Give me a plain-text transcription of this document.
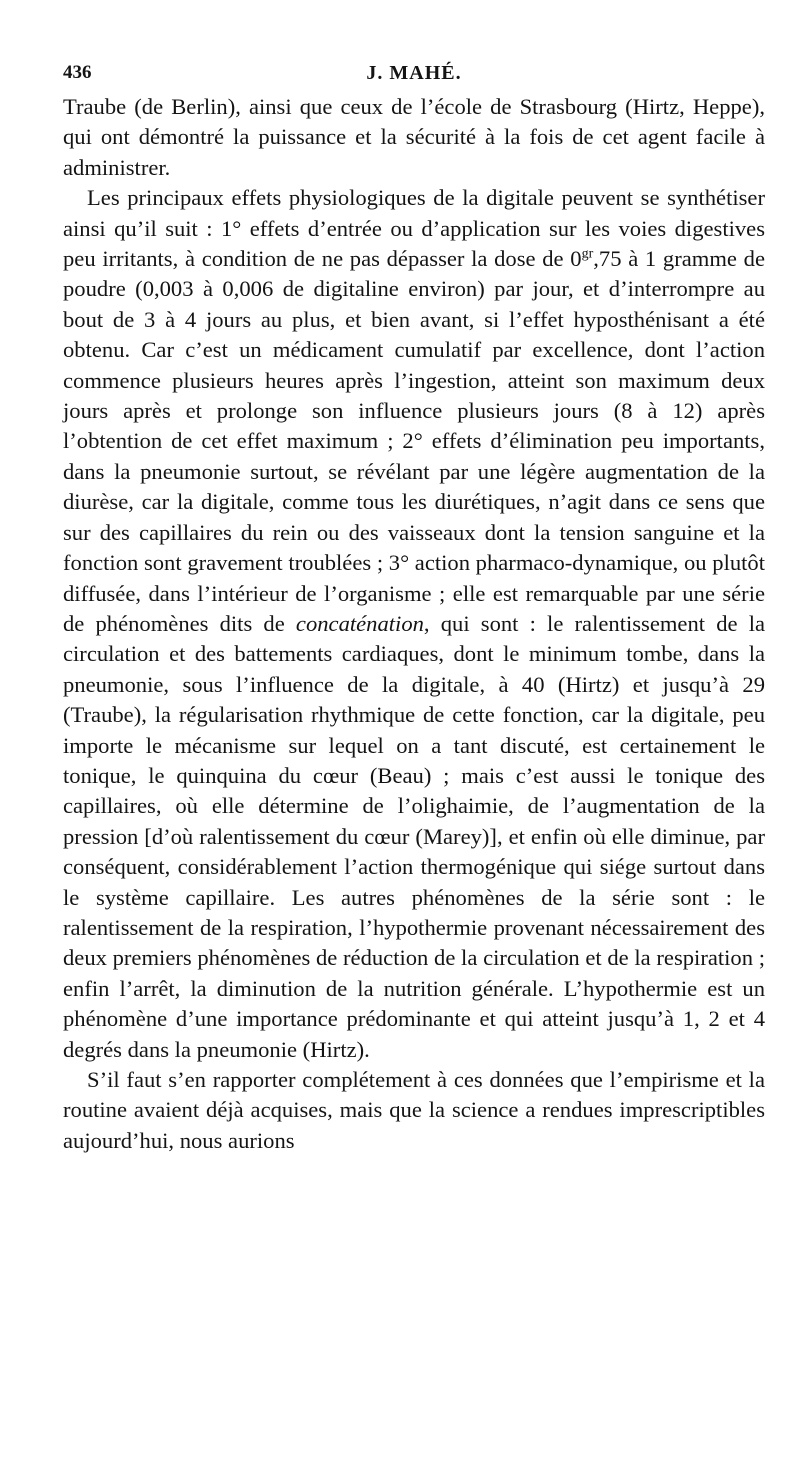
436	J. MAHÉ.

Traube (de Berlin), ainsi que ceux de l’école de Strasbourg (Hirtz, Heppe), qui ont démontré la puissance et la sécurité à la fois de cet agent facile à administrer.

Les principaux effets physiologiques de la digitale peuvent se synthétiser ainsi qu’il suit : 1° effets d’entrée ou d’application sur les voies digestives peu irritants, à condition de ne pas dépasser la dose de $0^{gr},75$ à 1 gramme de poudre (0,003 à 0,006 de digitaline environ) par jour, et d’interrompre au bout de 3 à 4 jours au plus, et bien avant, si l’effet hyposthénisant a été obtenu. Car c’est un médicament cumulatif par excellence, dont l’action commence plusieurs heures après l’ingestion, atteint son maximum deux jours après et prolonge son influence plusieurs jours (8 à 12) après l’obtention de cet effet maximum ; 2° effets d’élimination peu importants, dans la pneumonie surtout, se révélant par une légère augmentation de la diurèse, car la digitale, comme tous les diurétiques, n’agit dans ce sens que sur des capillaires du rein ou des vaisseaux dont la tension sanguine et la fonction sont gravement troublées ; 3° action pharmaco-dynamique, ou plutôt diffusée, dans l’intérieur de l’organisme ; elle est remarquable par une série de phénomènes dits de concaténation, qui sont : le ralentissement de la circulation et des battements cardiaques, dont le minimum tombe, dans la pneumonie, sous l’influence de la digitale, à 40 (Hirtz) et jusqu’à 29 (Traube), la régularisation rhythmique de cette fonction, car la digitale, peu importe le mécanisme sur lequel on a tant discuté, est certainement le tonique, le quinquina du cœur (Beau) ; mais c’est aussi le tonique des capillaires, où elle détermine de l’olighaimie, de l’augmentation de la pression [d’où ralentissement du cœur (Marey)], et enfin où elle diminue, par conséquent, considérablement l’action thermogénique qui siége surtout dans le système capillaire. Les autres phénomènes de la série sont : le ralentissement de la respiration, l’hypothermie provenant nécessairement des deux premiers phénomènes de réduction de la circulation et de la respiration ; enfin l’arrêt, la diminution de la nutrition générale. L’hypothermie est un phénomène d’une importance prédominante et qui atteint jusqu’à 1, 2 et 4 degrés dans la pneumonie (Hirtz).

S’il faut s’en rapporter complétement à ces données que l’empirisme et la routine avaient déjà acquises, mais que la science a rendues imprescriptibles aujourd’hui, nous aurions
